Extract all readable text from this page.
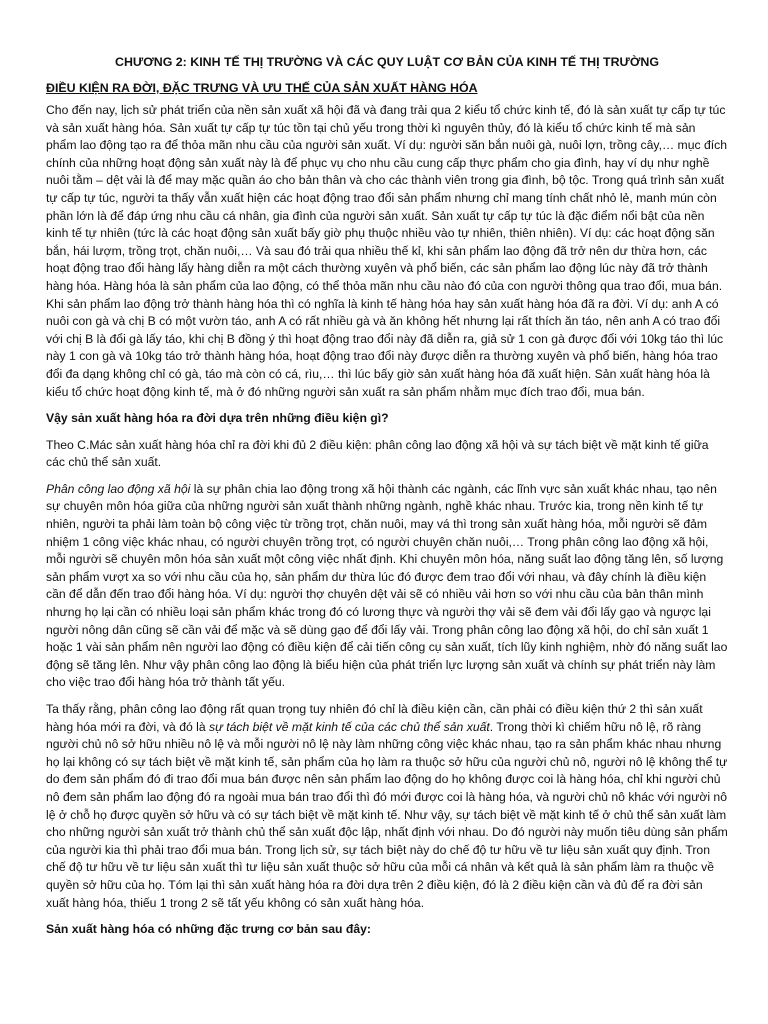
CHƯƠNG 2: KINH TẾ THỊ TRƯỜNG VÀ CÁC QUY LUẬT CƠ BẢN CỦA KINH TẾ THỊ TRƯỜNG
ĐIỀU KIỆN RA ĐỜI, ĐẶC TRƯNG VÀ ƯU THẾ CỦA SẢN XUẤT HÀNG HÓA

Cho đến nay, lịch sử phát triển của nền sản xuất xã hội đã và đang trải qua 2 kiểu tổ chức kinh tế, đó là sản xuất tự cấp tự túc và sản xuất hàng hóa. Sản xuất tự cấp tự túc tồn tại chủ yếu trong thời kì nguyên thủy, đó là kiểu tổ chức kinh tế mà sản phẩm lao động tạo ra để thỏa mãn nhu cầu của người sản xuất. Ví dụ: người săn bắn nuôi gà, nuôi lợn, trồng cây,… mục đích chính của những hoạt động sản xuất này là để phục vụ cho nhu cầu cung cấp thực phẩm cho gia đình, hay ví dụ như nghề nuôi tằm – dệt vải là để may mặc quần áo cho bản thân và cho các thành viên trong gia đình, bộ tộc. Trong quá trình sản xuất tự cấp tự túc, người ta thấy vẫn xuất hiện các hoạt động trao đổi sản phẩm nhưng chỉ mang tính chất nhỏ lẻ, manh mún còn phần lớn là để đáp ứng nhu cầu cá nhân, gia đình của người sản xuất. Sản xuất tự cấp tự túc là đặc điểm nổi bật của nền kinh tế tự nhiên (tức là các hoạt động sản xuất bấy giờ phụ thuộc nhiều vào tự nhiên, thiên nhiên). Ví dụ: các hoạt động săn bắn, hái lượm, trồng trọt, chăn nuôi,… Và sau đó trải qua nhiều thế kỉ, khi sản phẩm lao động đã trở nên dư thừa hơn, các hoạt động trao đổi hàng lấy hàng diễn ra một cách thường xuyên và phổ biến, các sản phẩm lao động lúc này đã trở thành hàng hóa. Hàng hóa là sản phẩm của lao động, có thể thỏa mãn nhu cầu nào đó của con người thông qua trao đổi, mua bán. Khi sản phẩm lao động trở thành hàng hóa thì có nghĩa là kinh tế hàng hóa hay sản xuất hàng hóa đã ra đời. Ví dụ: anh A có nuôi con gà và chị B có một vườn táo, anh A có rất nhiều gà và ăn không hết nhưng lại rất thích ăn táo, nên anh A có trao đổi với chị B là đổi gà lấy táo, khi chị B đồng ý thì hoạt động trao đổi này đã diễn ra, giả sử 1 con gà được đổi với 10kg táo thì lúc này 1 con gà và 10kg táo trở thành hàng hóa, hoạt động trao đổi này được diễn ra thường xuyên và phổ biến, hàng hóa trao đổi đa dạng không chỉ có gà, táo mà còn có cá, rìu,… thì lúc bấy giờ sản xuất hàng hóa đã xuất hiện. Sản xuất hàng hóa là kiểu tổ chức hoạt động kinh tế, mà ở đó những người sản xuất ra sản phẩm nhằm mục đích trao đổi, mua bán.

Vậy sản xuất hàng hóa ra đời dựa trên những điều kiện gì?

Theo C.Mác sản xuất hàng hóa chỉ ra đời khi đủ 2 điều kiện: phân công lao động xã hội và sự tách biệt về mặt kinh tế giữa các chủ thể sản xuất.

Phân công lao động xã hội là sự phân chia lao động trong xã hội thành các ngành, các lĩnh vực sản xuất khác nhau, tạo nên sự chuyên môn hóa giữa của những người sản xuất thành những ngành, nghề khác nhau. Trước kia, trong nền kinh tế tự nhiên, người ta phải làm toàn bộ công việc từ trồng trọt, chăn nuôi, may vá thì trong sản xuất hàng hóa, mỗi người sẽ đảm nhiệm 1 công việc khác nhau, có người chuyên trồng trọt, có người chuyên chăn nuôi,… Trong phân công lao động xã hội, mỗi người sẽ chuyên môn hóa sản xuất một công việc nhất định. Khi chuyên môn hóa, năng suất lao động tăng lên, số lượng sản phẩm vượt xa so với nhu cầu của họ, sản phẩm dư thừa lúc đó được đem trao đổi với nhau, và đây chính là điều kiện cần để dẫn đến trao đổi hàng hóa. Ví dụ: người thợ chuyên dệt vải sẽ có nhiều vải hơn so với nhu cầu của bản thân mình nhưng họ lại cần có nhiều loại sản phẩm khác trong đó có lương thực và người thợ vải sẽ đem vải đổi lấy gạo và ngược lại người nông dân cũng sẽ cần vải để mặc và sẽ dùng gạo để đổi lấy vải. Trong phân công lao động xã hội, do chỉ sản xuất 1 hoặc 1 vài sản phẩm nên người lao động có điều kiện để cải tiến công cụ sản xuất, tích lũy kinh nghiệm, nhờ đó năng suất lao động sẽ tăng lên. Như vậy phân công lao động là biểu hiện của phát triển lực lượng sản xuất và chính sự phát triển này làm cho việc trao đổi hàng hóa trở thành tất yếu.

Ta thấy rằng, phân công lao động rất quan trọng tuy nhiên đó chỉ là điều kiện cần, cần phải có điều kiện thứ 2 thì sản xuất hàng hóa mới ra đời, và đó là sự tách biệt về mặt kinh tế của các chủ thể sản xuất. Trong thời kì chiếm hữu nô lệ, rõ ràng người chủ nô sở hữu nhiều nô lệ và mỗi người nô lệ này làm những công việc khác nhau, tạo ra sản phẩm khác nhau nhưng họ lại không có sự tách biệt về mặt kinh tế, sản phẩm của họ làm ra thuộc sở hữu của người chủ nô, người nô lệ không thể tự do đem sản phẩm đó đi trao đổi mua bán được nên sản phẩm lao động do họ không được coi là hàng hóa, chỉ khi người chủ nô đem sản phẩm lao động đó ra ngoài mua bán trao đổi thì đó mới được coi là hàng hóa, và người chủ nô khác với người nô lệ ở chỗ họ được quyền sở hữu và có sự tách biệt về mặt kinh tế. Như vậy, sự tách biệt về mặt kinh tế ở chủ thể sản xuất làm cho những người sản xuất trở thành chủ thể sản xuất độc lập, nhất định với nhau. Do đó người này muốn tiêu dùng sản phẩm của người kia thì phải trao đổi mua bán. Trong lịch sử, sự tách biệt này do chế độ tư hữu về tư liệu sản xuất quy định. Tron chế độ tư hữu về tư liệu sản xuất thì tư liệu sản xuất thuộc sở hữu của mỗi cá nhân và kết quả là sản phẩm làm ra thuộc về quyền sở hữu của họ. Tóm lại thì sản xuất hàng hóa ra đời dựa trên 2 điều kiện, đó là 2 điều kiện cần và đủ để ra đời sản xuất hàng hóa, thiếu 1 trong 2 sẽ tất yếu không có sản xuất hàng hóa.

Sản xuất hàng hóa có những đặc trưng cơ bản sau đây:
